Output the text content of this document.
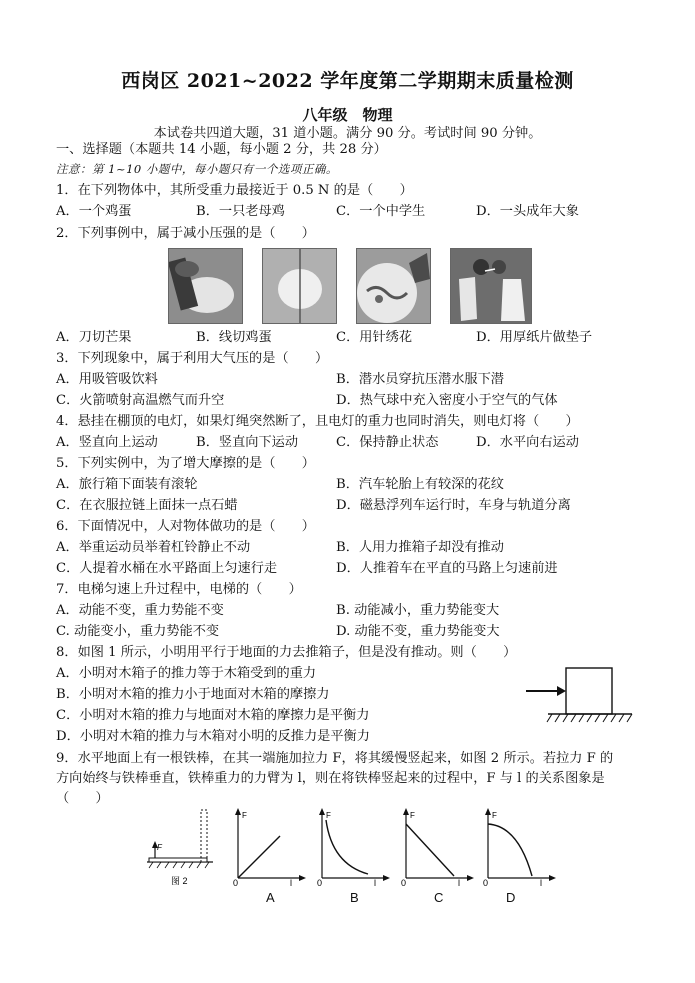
西岗区 2021~2022 学年度第二学期期末质量检测
八年级　物理
本试卷共四道大题，31 道小题。满分 90 分。考试时间 90 分钟。
一、选择题（本题共 14 小题，每小题 2 分，共 28 分）
注意：第 1~10 小题中，每小题只有一个选项正确。
1．在下列物体中，其所受重力最接近于 0.5 N 的是（　　）
A．一个鸡蛋	B．一只老母鸡	C．一个中学生	D．一头成年大象
2．下列事例中，属于减小压强的是（　　）
A．刀切芒果	B．线切鸡蛋	C．用针绣花	D．用厚纸片做垫子
3．下列现象中，属于利用大气压的是（　　）
A．用吸管吸饮料	B．潜水员穿抗压潜水服下潜
C．火箭喷射高温燃气而升空	D．热气球中充入密度小于空气的气体
4．悬挂在棚顶的电灯，如果灯绳突然断了，且电灯的重力也同时消失，则电灯将（　　）
A．竖直向上运动	B．竖直向下运动	C．保持静止状态	D．水平向右运动
5．下列实例中，为了增大摩擦的是（　　）
A．旅行箱下面装有滚轮	B．汽车轮胎上有较深的花纹
C．在衣服拉链上面抹一点石蜡	D．磁悬浮列车运行时，车身与轨道分离
6．下面情况中，人对物体做功的是（　　）
A．举重运动员举着杠铃静止不动	B．人用力推箱子却没有推动
C．人提着水桶在水平路面上匀速行走	D．人推着车在平直的马路上匀速前进
7．电梯匀速上升过程中，电梯的（　　）
A．动能不变，重力势能不变	B. 动能减小，重力势能变大
C. 动能变小，重力势能不变	D. 动能不变，重力势能变大
8．如图 1 所示，小明用平行于地面的力去推箱子，但是没有推动。则（　　）
A．小明对木箱子的推力等于木箱受到的重力
B．小明对木箱的推力小于地面对木箱的摩擦力
C．小明对木箱的推力与地面对木箱的摩擦力是平衡力
D．小明对木箱的推力与木箱对小明的反推力是平衡力
9．水平地面上有一根铁棒，在其一端施加拉力 F，将其缓慢竖起来，如图 2 所示。若拉力 F 的
方向始终与铁棒垂直，铁棒重力的力臂为 l，则在将铁棒竖起来的过程中，F 与 l 的关系图象是
（　　）
F
图 2
F
0	l
A
F
0	l
B
F
0	l
C
F
0	l
D
